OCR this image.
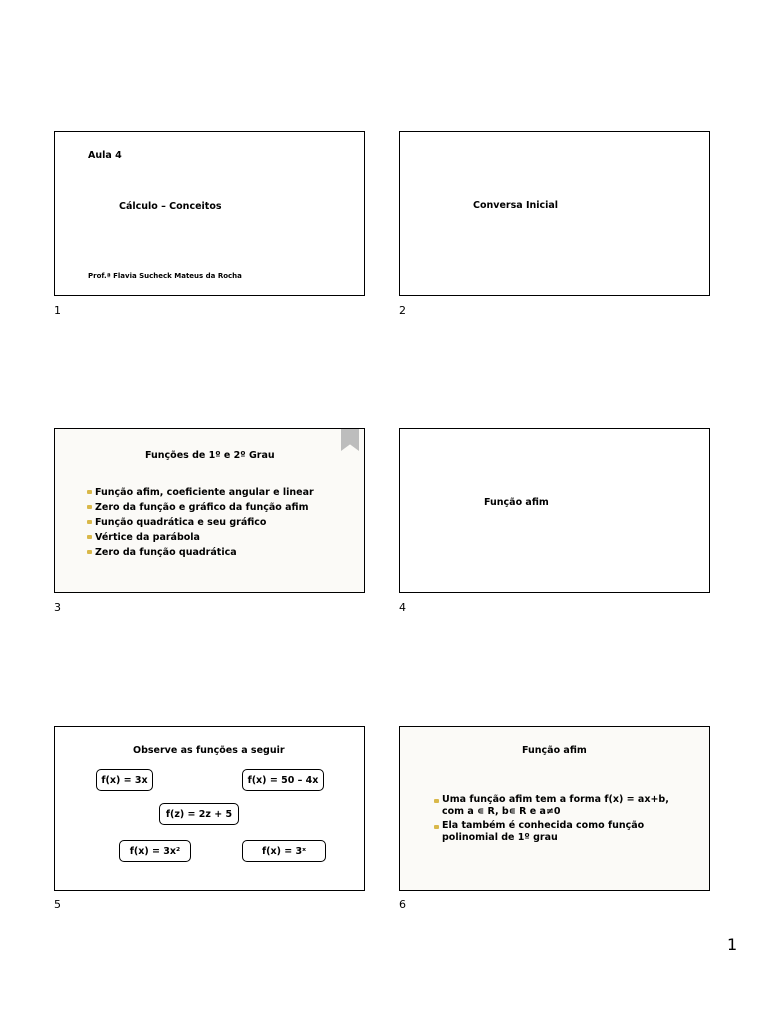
Aula 4
Cálculo – Conceitos
Prof.ª Flavia Sucheck Mateus da Rocha
1
Conversa Inicial
2
Funções de 1º e 2º Grau
Função afim, coeficiente angular e linear
Zero da função e gráfico da função afim
Função quadrática e seu gráfico
Vértice da parábola
Zero da função quadrática
3
Função afim
4
Observe as funções a seguir
f(x) = 3x	f(x) = 50 – 4x
f(z) = 2z + 5
f(x) = 3x²	f(x) = 3ˣ
5
Função afim
Uma função afim tem a forma f(x) = ax+b,
com a ∊ R, b∊ R e a≠0
Ela também é conhecida como função
polinomial de 1º grau
6
1
